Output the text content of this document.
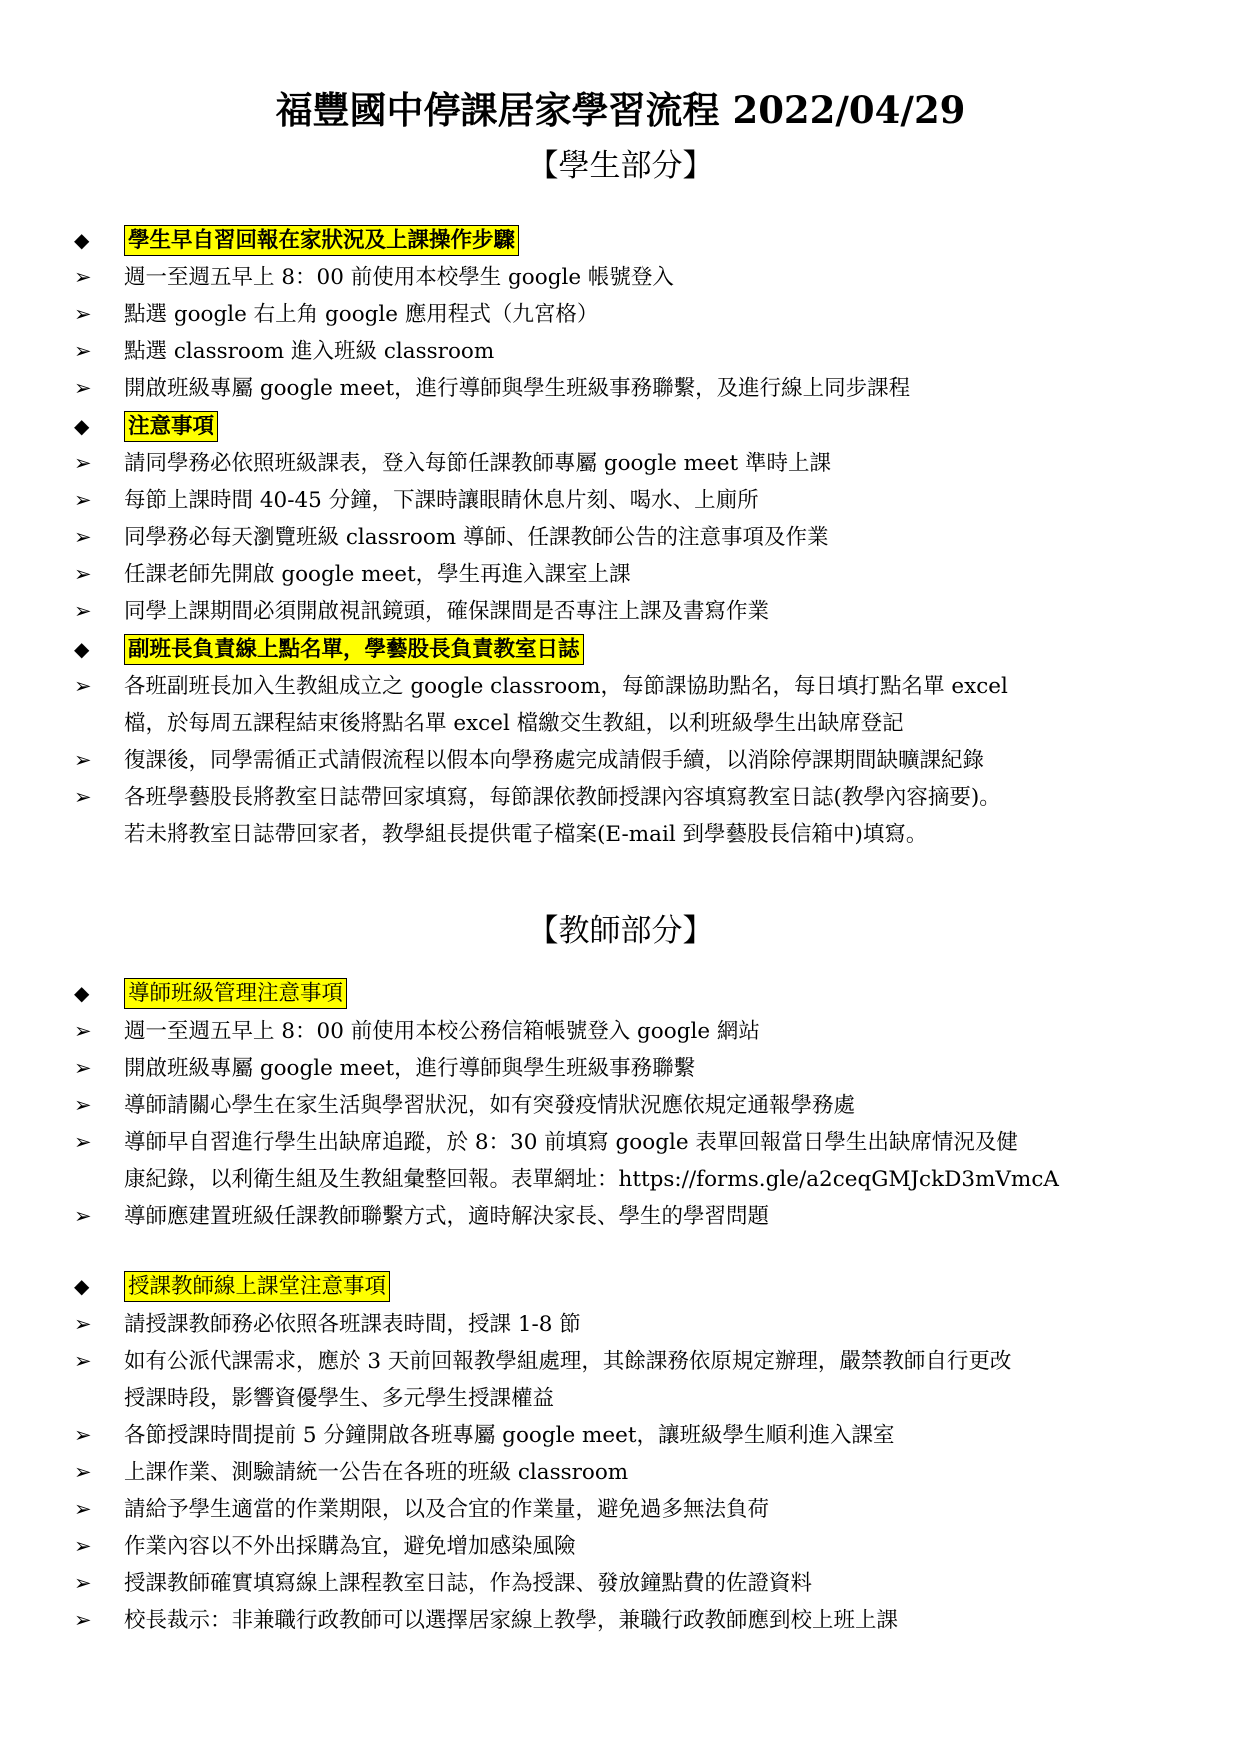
福豐國中停課居家學習流程 2022/04/29
【學生部分】
◆	學生早自習回報在家狀況及上課操作步驟
➢	週一至週五早上 8：00 前使用本校學生 google 帳號登入
➢	點選 google 右上角 google 應用程式（九宮格）
➢	點選 classroom 進入班級 classroom
➢	開啟班級專屬 google meet，進行導師與學生班級事務聯繫，及進行線上同步課程
◆	注意事項
➢	請同學務必依照班級課表，登入每節任課教師專屬 google meet 準時上課
➢	每節上課時間 40-45 分鐘，下課時讓眼睛休息片刻、喝水、上廁所
➢	同學務必每天瀏覽班級 classroom 導師、任課教師公告的注意事項及作業
➢	任課老師先開啟 google meet，學生再進入課室上課
➢	同學上課期間必須開啟視訊鏡頭，確保課間是否專注上課及書寫作業
◆	副班長負責線上點名單，學藝股長負責教室日誌
➢	各班副班長加入生教組成立之 google classroom，每節課協助點名，每日填打點名單 excel
檔，於每周五課程結束後將點名單 excel 檔繳交生教組，以利班級學生出缺席登記
➢	復課後，同學需循正式請假流程以假本向學務處完成請假手續，以消除停課期間缺曠課紀錄
➢	各班學藝股長將教室日誌帶回家填寫，每節課依教師授課內容填寫教室日誌(教學內容摘要)。
若未將教室日誌帶回家者，教學組長提供電子檔案(E-mail 到學藝股長信箱中)填寫。
【教師部分】
◆	導師班級管理注意事項
➢	週一至週五早上 8：00 前使用本校公務信箱帳號登入 google 網站
➢	開啟班級專屬 google meet，進行導師與學生班級事務聯繫
➢	導師請關心學生在家生活與學習狀況，如有突發疫情狀況應依規定通報學務處
➢	導師早自習進行學生出缺席追蹤，於 8：30 前填寫 google 表單回報當日學生出缺席情況及健
康紀錄，以利衛生組及生教組彙整回報。表單網址：https://forms.gle/a2ceqGMJckD3mVmcA
➢	導師應建置班級任課教師聯繫方式，適時解決家長、學生的學習問題
◆	授課教師線上課堂注意事項
➢	請授課教師務必依照各班課表時間，授課 1-8 節
➢	如有公派代課需求，應於 3 天前回報教學組處理，其餘課務依原規定辦理，嚴禁教師自行更改
授課時段，影響資優學生、多元學生授課權益
➢	各節授課時間提前 5 分鐘開啟各班專屬 google meet，讓班級學生順利進入課室
➢	上課作業、測驗請統一公告在各班的班級 classroom
➢	請給予學生適當的作業期限，以及合宜的作業量，避免過多無法負荷
➢	作業內容以不外出採購為宜，避免增加感染風險
➢	授課教師確實填寫線上課程教室日誌，作為授課、發放鐘點費的佐證資料
➢	校長裁示：非兼職行政教師可以選擇居家線上教學，兼職行政教師應到校上班上課
